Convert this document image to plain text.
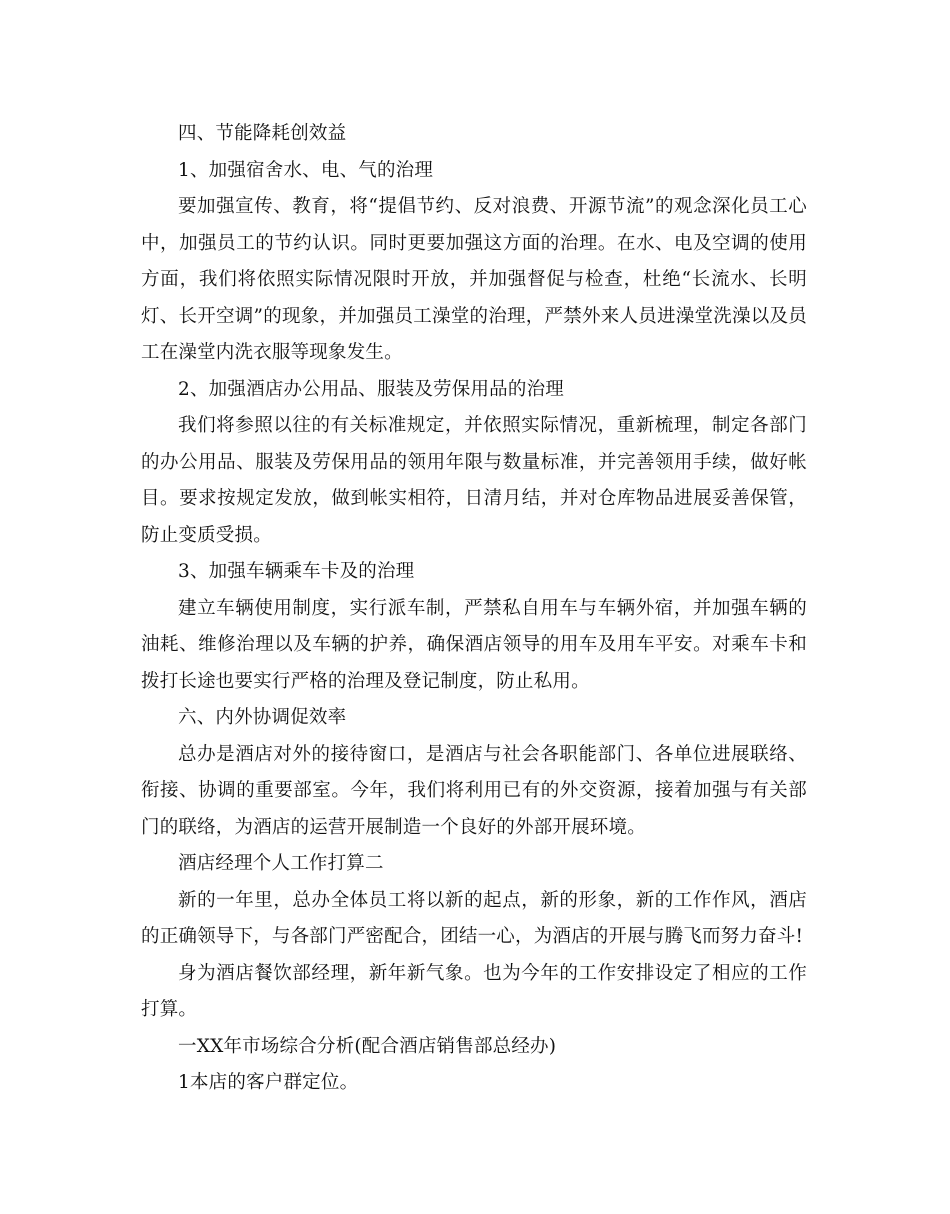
四、节能降耗创效益

1、加强宿舍水、电、气的治理

要加强宣传、教育，将“提倡节约、反对浪费、开源节流”的观念深化员工心中，加强员工的节约认识。同时更要加强这方面的治理。在水、电及空调的使用方面，我们将依照实际情况限时开放，并加强督促与检查，杜绝“长流水、长明灯、长开空调”的现象，并加强员工澡堂的治理，严禁外来人员进澡堂洗澡以及员工在澡堂内洗衣服等现象发生。

2、加强酒店办公用品、服装及劳保用品的治理

我们将参照以往的有关标准规定，并依照实际情况，重新梳理，制定各部门的办公用品、服装及劳保用品的领用年限与数量标准，并完善领用手续，做好帐目。要求按规定发放，做到帐实相符，日清月结，并对仓库物品进展妥善保管，防止变质受损。

3、加强车辆乘车卡及的治理

建立车辆使用制度，实行派车制，严禁私自用车与车辆外宿，并加强车辆的油耗、维修治理以及车辆的护养，确保酒店领导的用车及用车平安。对乘车卡和拨打长途也要实行严格的治理及登记制度，防止私用。

六、内外协调促效率

总办是酒店对外的接待窗口，是酒店与社会各职能部门、各单位进展联络、衔接、协调的重要部室。今年，我们将利用已有的外交资源，接着加强与有关部门的联络，为酒店的运营开展制造一个良好的外部开展环境。

酒店经理个人工作打算二

新的一年里，总办全体员工将以新的起点，新的形象，新的工作作风，酒店的正确领导下，与各部门严密配合，团结一心，为酒店的开展与腾飞而努力奋斗!

身为酒店餐饮部经理，新年新气象。也为今年的工作安排设定了相应的工作打算。

一XX年市场综合分析(配合酒店销售部总经办)

1本店的客户群定位。
